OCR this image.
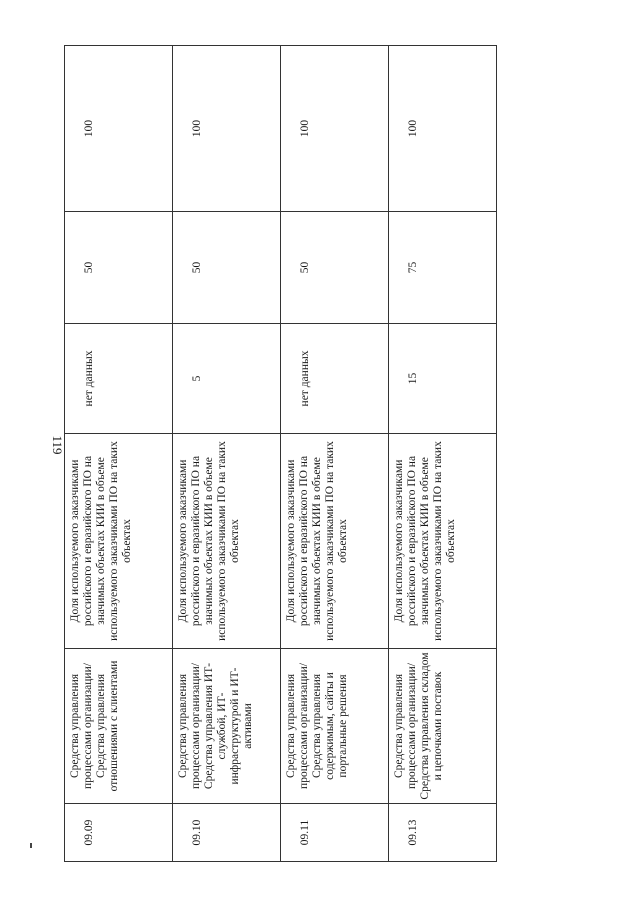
119
09.09	Средства управления процессами организации/ Средства управления отношениями с клиентами	Доля используемого заказчиками российского и евразийского ПО на значимых объектах КИИ в объеме используемого заказчиками ПО на таких объектах	нет данных	50	100
09.10	Средства управления процессами организации/ Средства управления ИТ-службой, ИТ-инфраструктурой и ИТ-активами	Доля используемого заказчиками российского и евразийского ПО на значимых объектах КИИ в объеме используемого заказчиками ПО на таких объектах	5	50	100
09.11	Средства управления процессами организации/ Средства управления содержимым, сайты и портальные решения	Доля используемого заказчиками российского и евразийского ПО на значимых объектах КИИ в объеме используемого заказчиками ПО на таких объектах	нет данных	50	100
09.13	Средства управления процессами организации/ Средства управления складом и цепочками поставок	Доля используемого заказчиками российского и евразийского ПО на значимых объектах КИИ в объеме используемого заказчиками ПО на таких объектах	15	75	100
